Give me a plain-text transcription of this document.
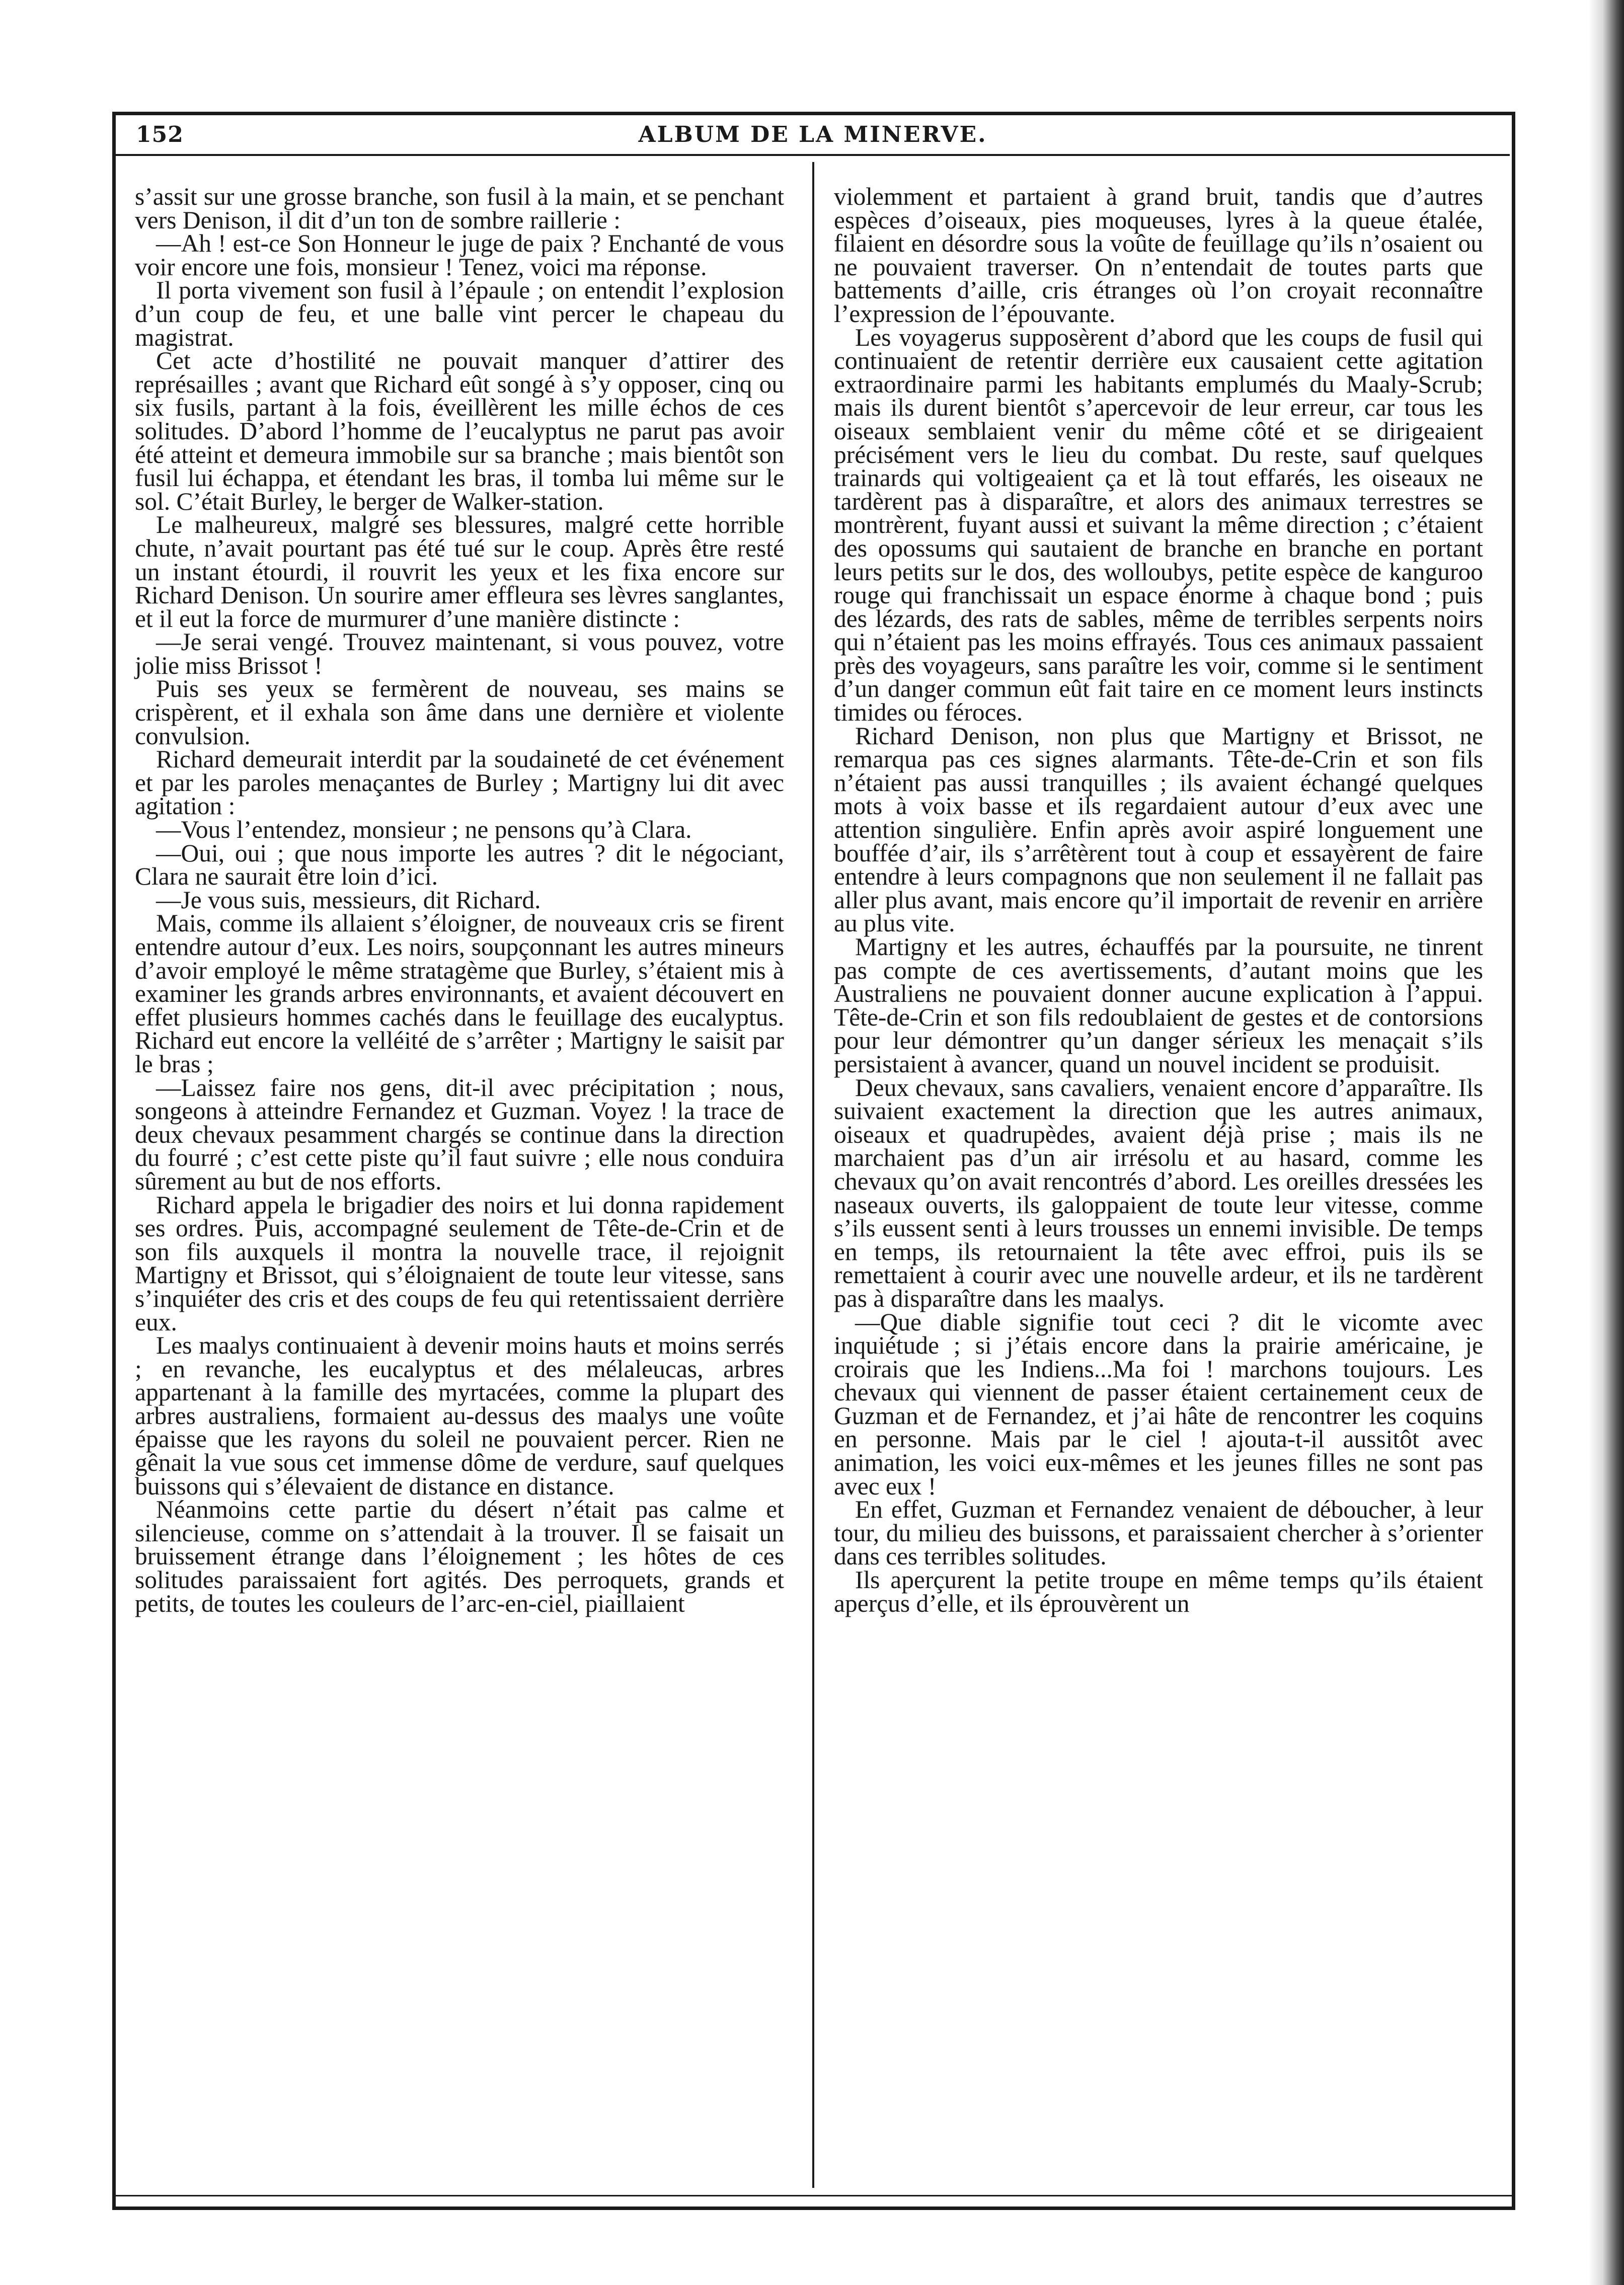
152	ALBUM DE LA MINERVE.

s’assit sur une grosse branche, son fusil à la main, et se penchant vers Denison, il dit d’un ton de sombre raillerie :

—Ah ! est-ce Son Honneur le juge de paix ? Enchanté de vous voir encore une fois, monsieur ! Tenez, voici ma réponse.

Il porta vivement son fusil à l’épaule ; on entendit l’explosion d’un coup de feu, et une balle vint percer le chapeau du magistrat.

Cet acte d’hostilité ne pouvait manquer d’attirer des représailles ; avant que Richard eût songé à s’y opposer, cinq ou six fusils, partant à la fois, éveillèrent les mille échos de ces solitudes. D’abord l’homme de l’eucalyptus ne parut pas avoir été atteint et demeura immobile sur sa branche ; mais bientôt son fusil lui échappa, et étendant les bras, il tomba lui même sur le sol. C’était Burley, le berger de Walker-station.

Le malheureux, malgré ses blessures, malgré cette horrible chute, n’avait pourtant pas été tué sur le coup. Après être resté un instant étourdi, il rouvrit les yeux et les fixa encore sur Richard Denison. Un sourire amer effleura ses lèvres sanglantes, et il eut la force de murmurer d’une manière distincte :

—Je serai vengé. Trouvez maintenant, si vous pouvez, votre jolie miss Brissot !

Puis ses yeux se fermèrent de nouveau, ses mains se crispèrent, et il exhala son âme dans une dernière et violente convulsion.

Richard demeurait interdit par la soudaineté de cet événement et par les paroles menaçantes de Burley ; Martigny lui dit avec agitation :

—Vous l’entendez, monsieur ; ne pensons qu’à Clara.

—Oui, oui ; que nous importe les autres ? dit le négociant, Clara ne saurait être loin d’ici.

—Je vous suis, messieurs, dit Richard.

Mais, comme ils allaient s’éloigner, de nouveaux cris se firent entendre autour d’eux. Les noirs, soupçonnant les autres mineurs d’avoir employé le même stratagème que Burley, s’étaient mis à examiner les grands arbres environnants, et avaient découvert en effet plusieurs hommes cachés dans le feuillage des eucalyptus. Richard eut encore la velléité de s’arrêter ; Martigny le saisit par le bras ;

—Laissez faire nos gens, dit-il avec précipitation ; nous, songeons à atteindre Fernandez et Guzman. Voyez ! la trace de deux chevaux pesamment chargés se continue dans la direction du fourré ; c’est cette piste qu’il faut suivre ; elle nous conduira sûrement au but de nos efforts.

Richard appela le brigadier des noirs et lui donna rapidement ses ordres. Puis, accompagné seulement de Tête-de-Crin et de son fils auxquels il montra la nouvelle trace, il rejoignit Martigny et Brissot, qui s’éloignaient de toute leur vitesse, sans s’inquiéter des cris et des coups de feu qui retentissaient derrière eux.

Les maalys continuaient à devenir moins hauts et moins serrés ; en revanche, les eucalyptus et des mélaleucas, arbres appartenant à la famille des myrtacées, comme la plupart des arbres australiens, formaient au-dessus des maalys une voûte épaisse que les rayons du soleil ne pouvaient percer. Rien ne gênait la vue sous cet immense dôme de verdure, sauf quelques buissons qui s’élevaient de distance en distance.

Néanmoins cette partie du désert n’était pas calme et silencieuse, comme on s’attendait à la trouver. Il se faisait un bruissement étrange dans l’éloignement ; les hôtes de ces solitudes paraissaient fort agités. Des perroquets, grands et petits, de toutes les couleurs de l’arc-en-ciel, piaillaient

violemment et partaient à grand bruit, tandis que d’autres espèces d’oiseaux, pies moqueuses, lyres à la queue étalée, filaient en désordre sous la voûte de feuillage qu’ils n’osaient ou ne pouvaient traverser. On n’entendait de toutes parts que battements d’aille, cris étranges où l’on croyait reconnaître l’expression de l’épouvante.

Les voyagerus supposèrent d’abord que les coups de fusil qui continuaient de retentir derrière eux causaient cette agitation extraordinaire parmi les habitants emplumés du Maaly-Scrub; mais ils durent bientôt s’apercevoir de leur erreur, car tous les oiseaux semblaient venir du même côté et se dirigeaient précisément vers le lieu du combat. Du reste, sauf quelques trainards qui voltigeaient ça et là tout effarés, les oiseaux ne tardèrent pas à disparaître, et alors des animaux terrestres se montrèrent, fuyant aussi et suivant la même direction ; c’étaient des opossums qui sautaient de branche en branche en portant leurs petits sur le dos, des wolloubys, petite espèce de kanguroo rouge qui franchissait un espace énorme à chaque bond ; puis des lézards, des rats de sables, même de terribles serpents noirs qui n’étaient pas les moins effrayés. Tous ces animaux passaient près des voyageurs, sans paraître les voir, comme si le sentiment d’un danger commun eût fait taire en ce moment leurs instincts timides ou féroces.

Richard Denison, non plus que Martigny et Brissot, ne remarqua pas ces signes alarmants. Tête-de-Crin et son fils n’étaient pas aussi tranquilles ; ils avaient échangé quelques mots à voix basse et ils regardaient autour d’eux avec une attention singulière. Enfin après avoir aspiré longuement une bouffée d’air, ils s’arrêtèrent tout à coup et essayèrent de faire entendre à leurs compagnons que non seulement il ne fallait pas aller plus avant, mais encore qu’il importait de revenir en arrière au plus vite.

Martigny et les autres, échauffés par la poursuite, ne tinrent pas compte de ces avertissements, d’autant moins que les Australiens ne pouvaient donner aucune explication à l’appui. Tête-de-Crin et son fils redoublaient de gestes et de contorsions pour leur démontrer qu’un danger sérieux les menaçait s’ils persistaient à avancer, quand un nouvel incident se produisit.

Deux chevaux, sans cavaliers, venaient encore d’apparaître. Ils suivaient exactement la direction que les autres animaux, oiseaux et quadrupèdes, avaient déjà prise ; mais ils ne marchaient pas d’un air irrésolu et au hasard, comme les chevaux qu’on avait rencontrés d’abord. Les oreilles dressées les naseaux ouverts, ils galoppaient de toute leur vitesse, comme s’ils eussent senti à leurs trousses un ennemi invisible. De temps en temps, ils retournaient la tête avec effroi, puis ils se remettaient à courir avec une nouvelle ardeur, et ils ne tardèrent pas à disparaître dans les maalys.

—Que diable signifie tout ceci ? dit le vicomte avec inquiétude ; si j’étais encore dans la prairie américaine, je croirais que les Indiens...Ma foi ! marchons toujours. Les chevaux qui viennent de passer étaient certainement ceux de Guzman et de Fernandez, et j’ai hâte de rencontrer les coquins en personne. Mais par le ciel ! ajouta-t-il aussitôt avec animation, les voici eux-mêmes et les jeunes filles ne sont pas avec eux !

En effet, Guzman et Fernandez venaient de déboucher, à leur tour, du milieu des buissons, et paraissaient chercher à s’orienter dans ces terribles solitudes.

Ils aperçurent la petite troupe en même temps qu’ils étaient aperçus d’elle, et ils éprouvèrent un
